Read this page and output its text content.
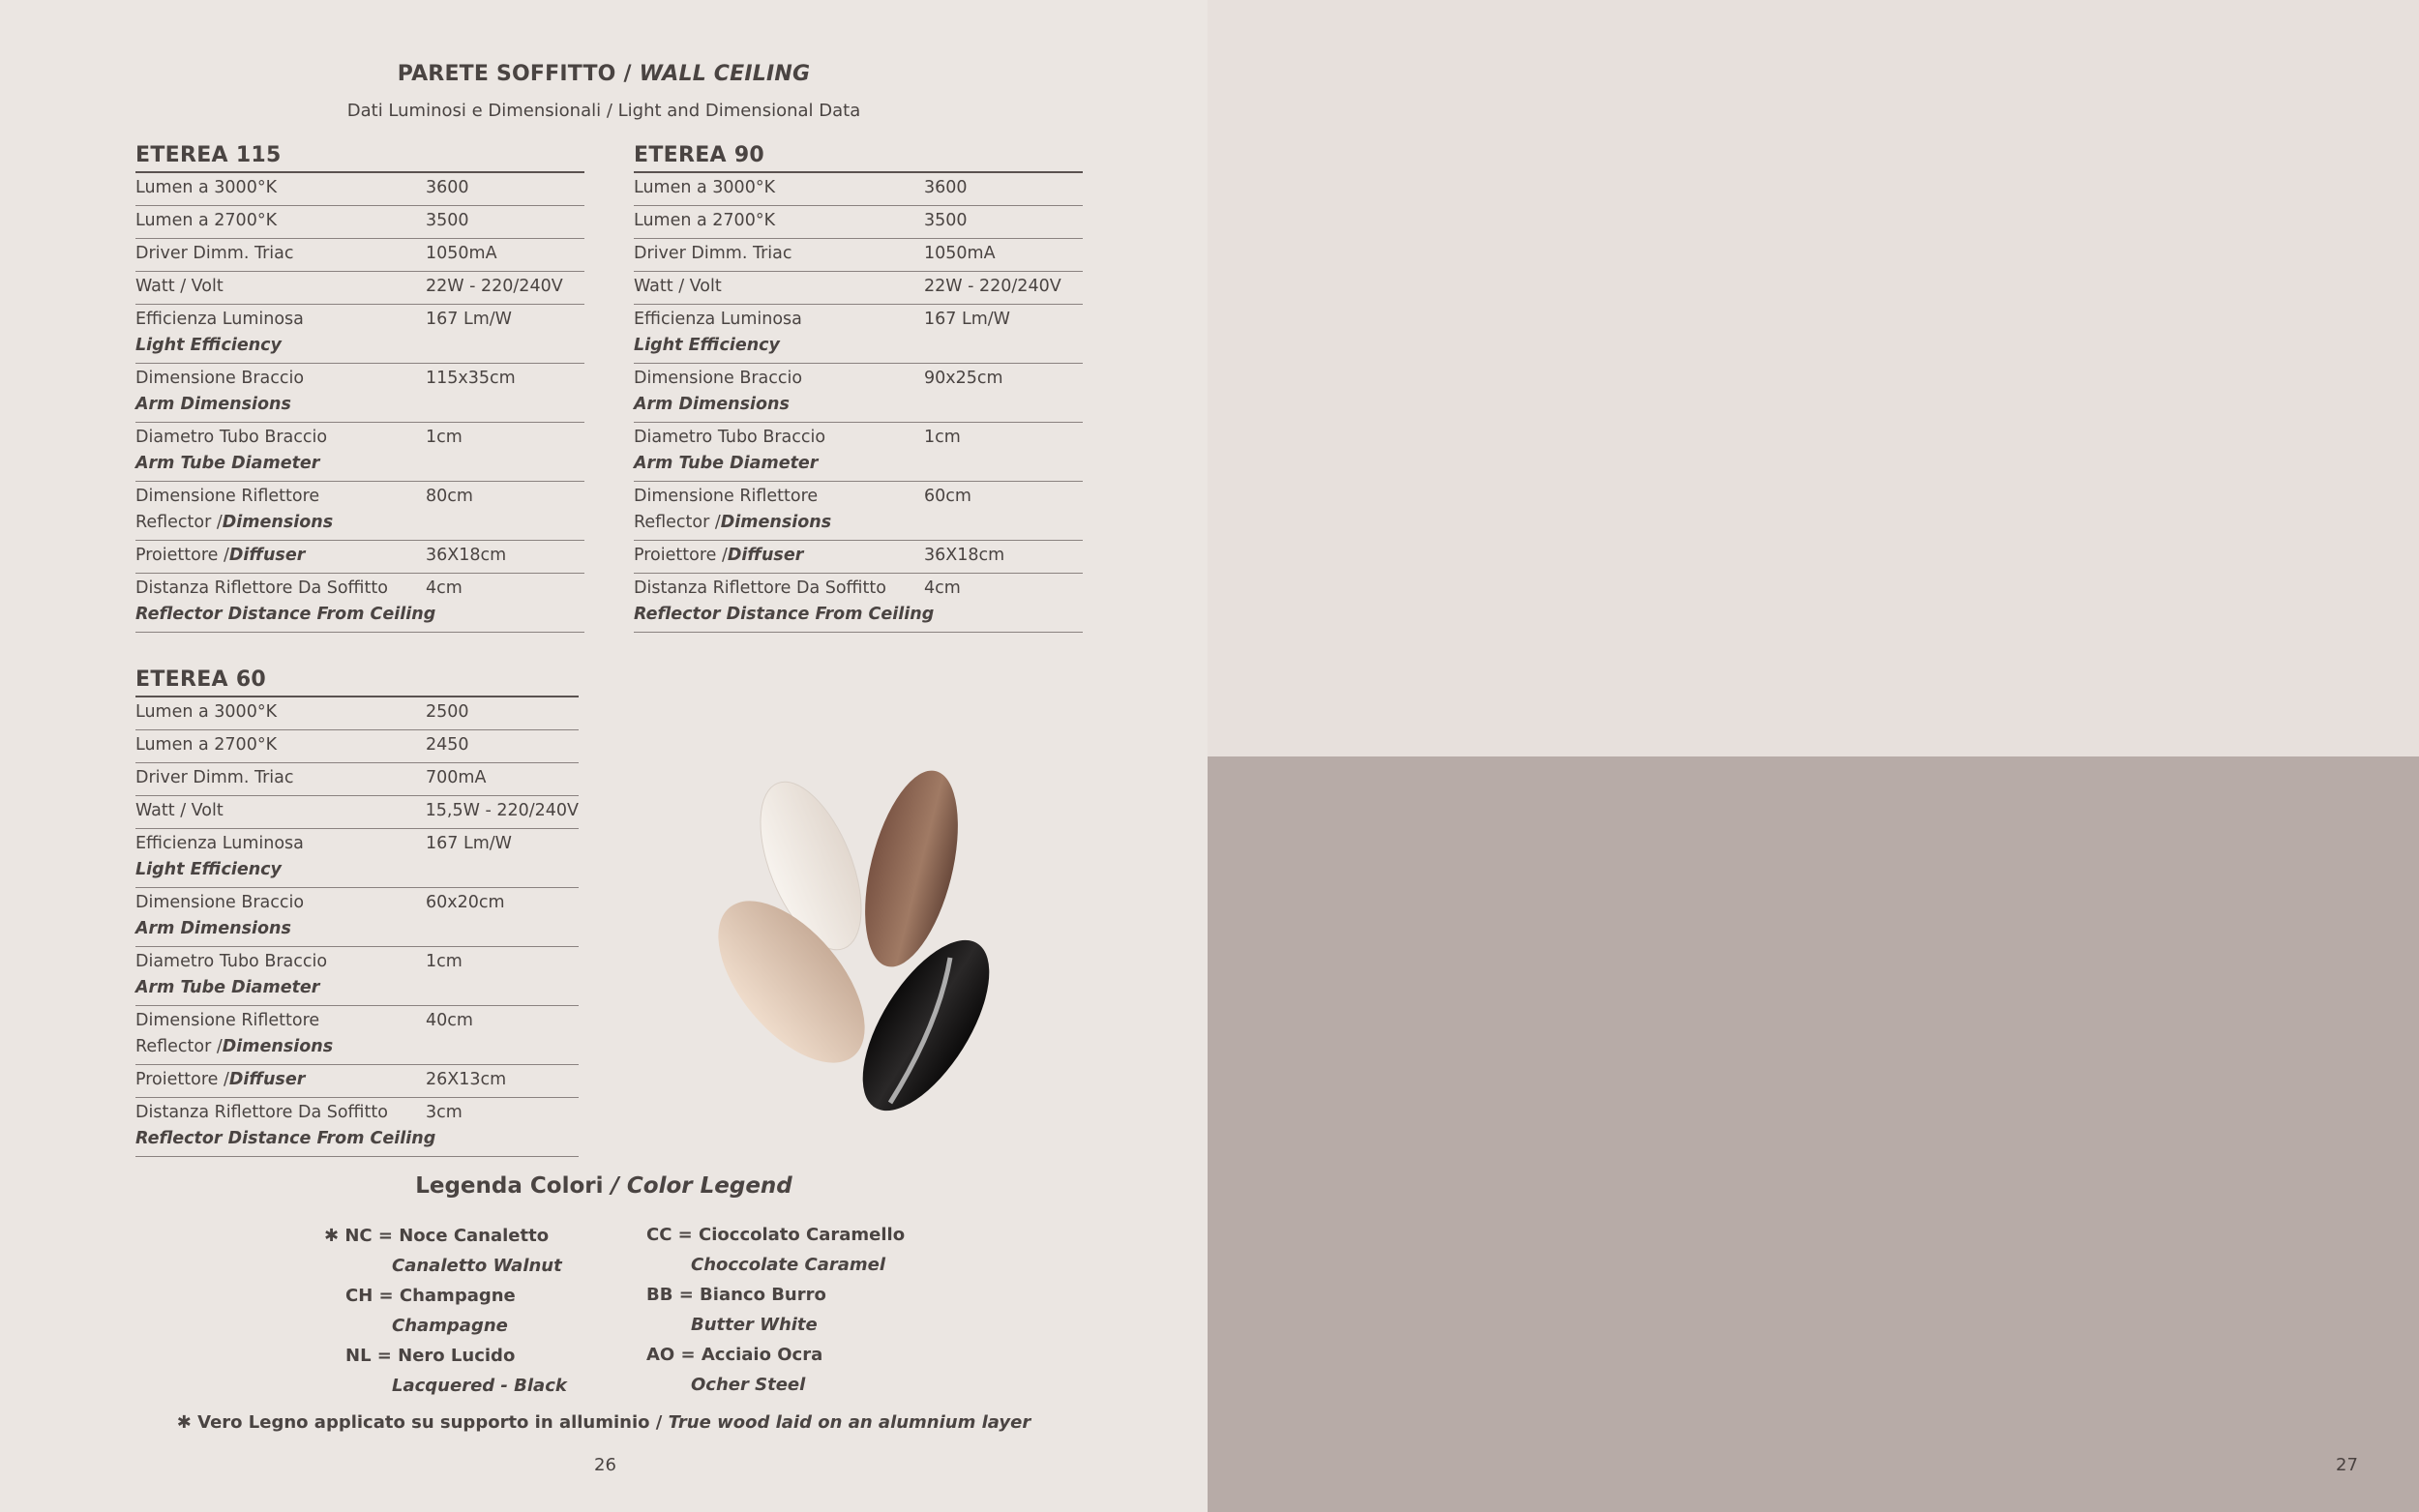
PARETE SOFFITTO / WALL CEILING
Dati Luminosi e Dimensionali / Light and Dimensional Data
ETEREA 115
Lumen a 3000°K	3600
Lumen a 2700°K	3500
Driver Dimm. Triac	1050mA
Watt / Volt	22W - 220/240V
Efficienza Luminosa	167 Lm/W
Light Efficiency
Dimensione Braccio	115x35cm
Arm Dimensions
Diametro Tubo Braccio	1cm
Arm Tube Diameter
Dimensione Riflettore	80cm
Reflector / Dimensions
Proiettore /Diffuser	36X18cm
Distanza Riflettore Da Soffitto	4cm
Reflector Distance From Ceiling
ETEREA 90
Lumen a 3000°K	3600
Lumen a 2700°K	3500
Driver Dimm. Triac	1050mA
Watt / Volt	22W - 220/240V
Efficienza Luminosa	167 Lm/W
Light Efficiency
Dimensione Braccio	90x25cm
Arm Dimensions
Diametro Tubo Braccio	1cm
Arm Tube Diameter
Dimensione Riflettore	60cm
Reflector / Dimensions
Proiettore /Diffuser	36X18cm
Distanza Riflettore Da Soffitto	4cm
Reflector Distance From Ceiling
ETEREA 60
Lumen a 3000°K	2500
Lumen a 2700°K	2450
Driver Dimm. Triac	700mA
Watt / Volt	15,5W - 220/240V
Efficienza Luminosa	167 Lm/W
Light Efficiency
Dimensione Braccio	60x20cm
Arm Dimensions
Diametro Tubo Braccio	1cm
Arm Tube Diameter
Dimensione Riflettore	40cm
Reflector / Dimensions
Proiettore /Diffuser	26X13cm
Distanza Riflettore Da Soffitto	3cm
Reflector Distance From Ceiling
Legenda Colori / Color Legend
✱ NC = Noce Canaletto
Canaletto Walnut
CH = Champagne
Champagne
NL = Nero Lucido
Lacquered - Black
CC = Cioccolato Caramello
Choccolate Caramel
BB = Bianco Burro
Butter White
AO = Acciaio Ocra
Ocher Steel
✱ Vero Legno applicato su supporto in alluminio / True wood laid on an alumnium layer
26	27
